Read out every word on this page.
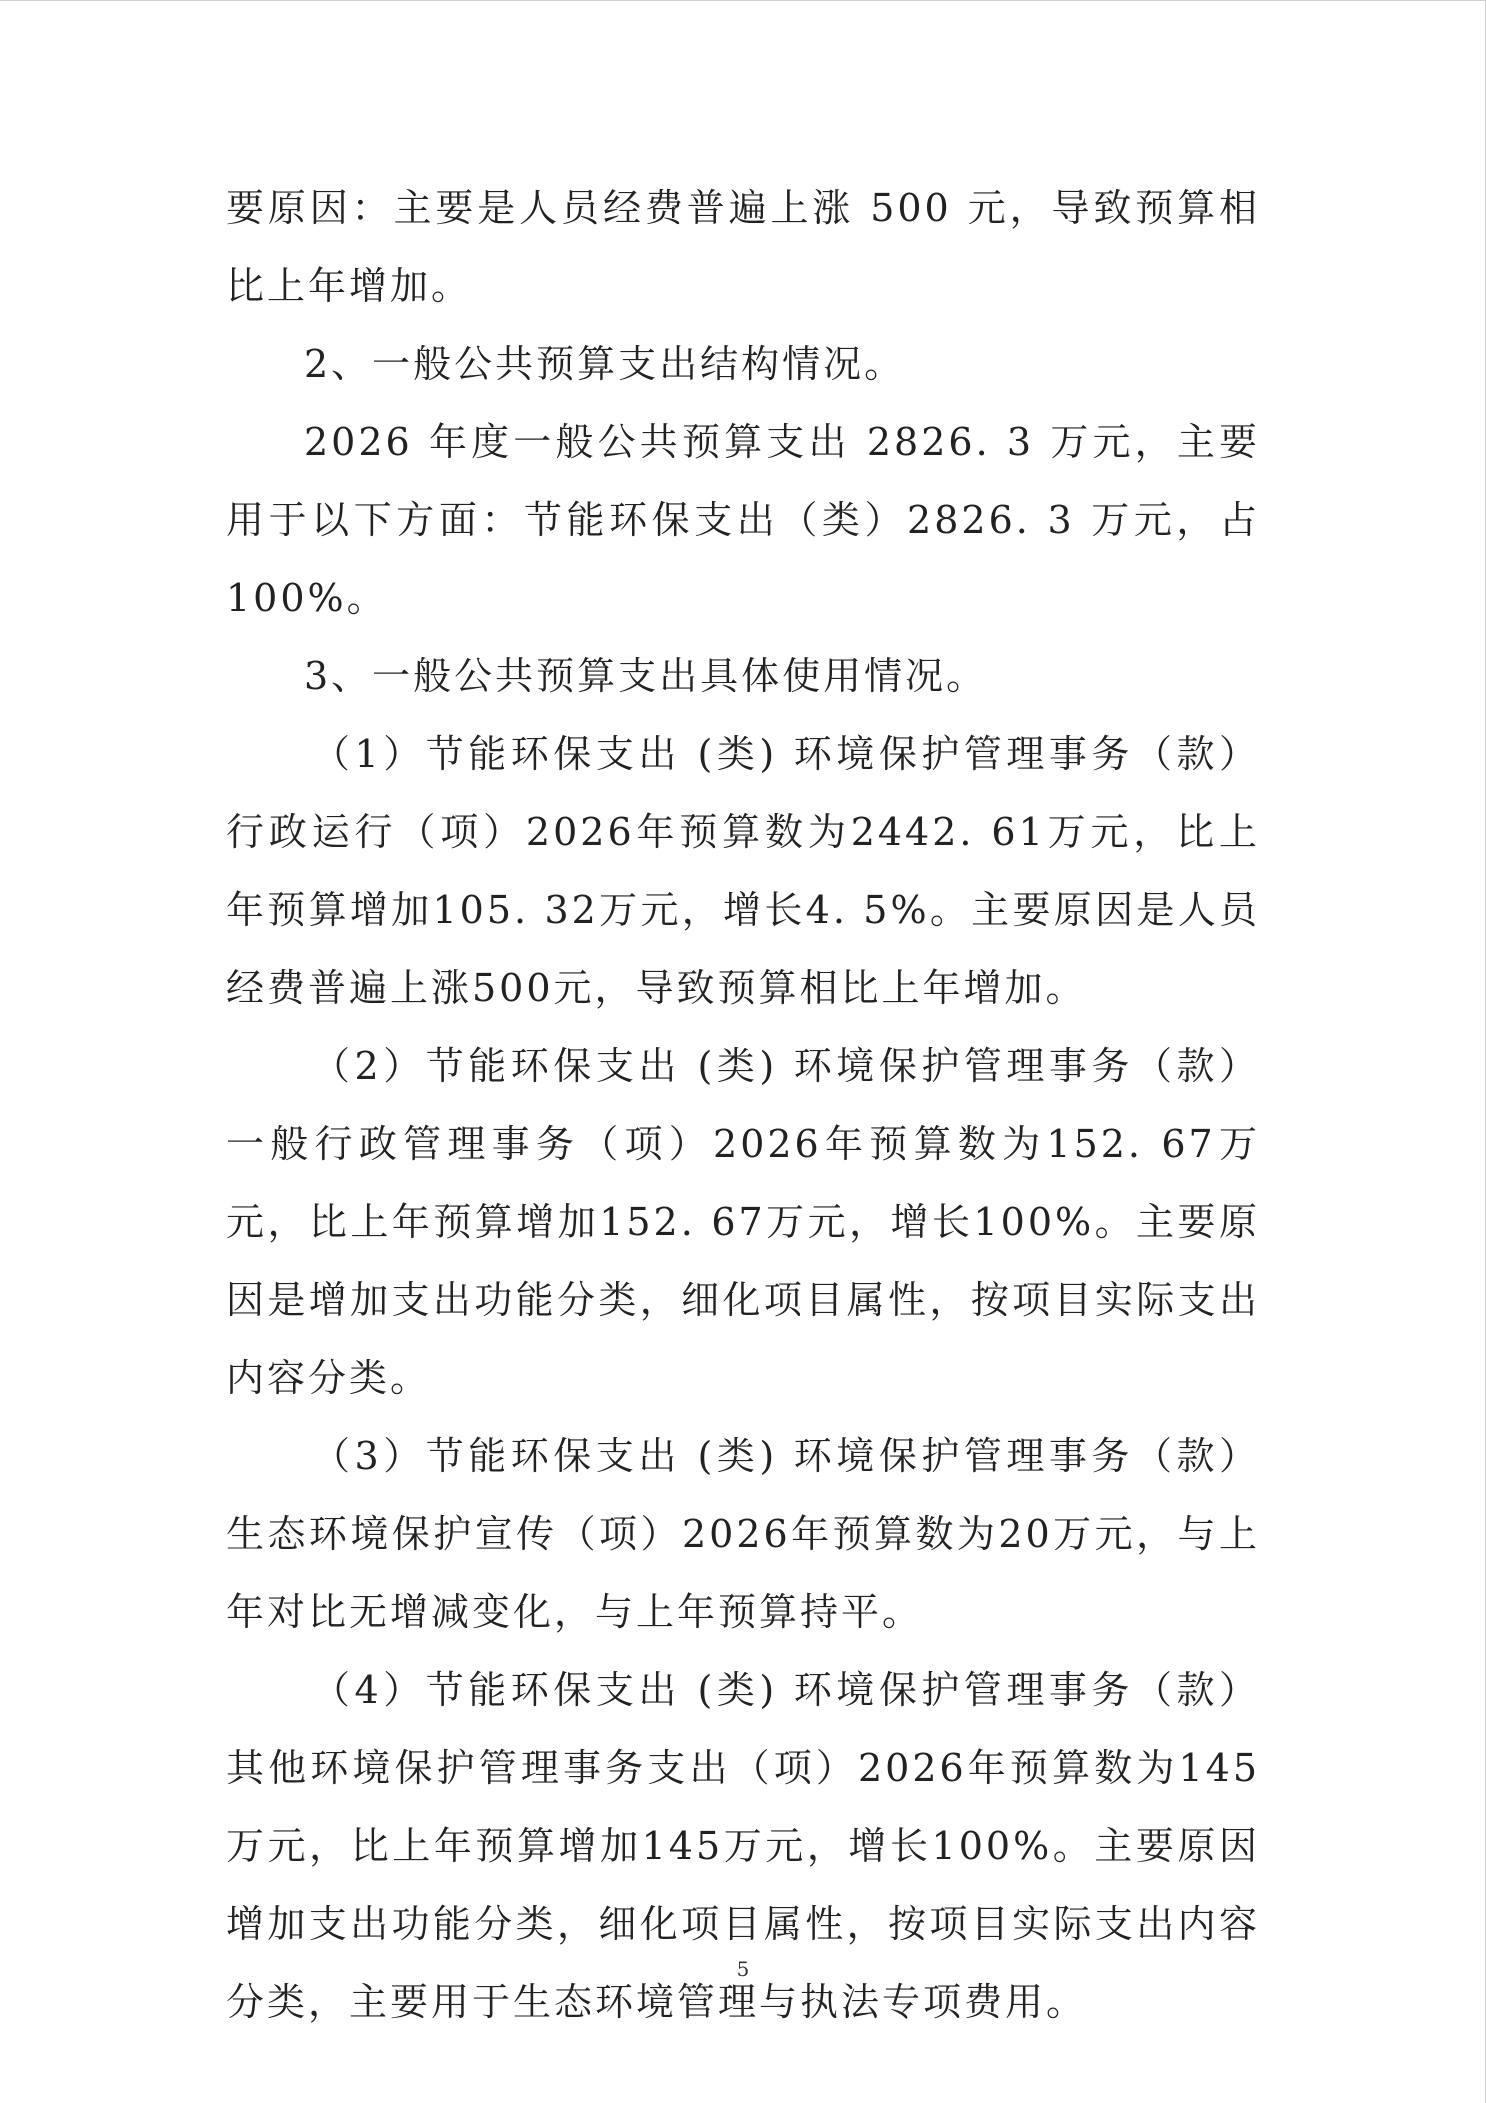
要原因：主要是人员经费普遍上涨 500 元，导致预算相比上年增加。

2、一般公共预算支出结构情况。

2026 年度一般公共预算支出 2826. 3 万元，主要用于以下方面：节能环保支出（类）2826. 3 万元，占 100%。

3、一般公共预算支出具体使用情况。

（1）节能环保支出 (类) 环境保护管理事务（款）行政运行（项）2026年预算数为2442. 61万元，比上年预算增加105. 32万元，增长4. 5%。主要原因是人员经费普遍上涨500元，导致预算相比上年增加。

（2）节能环保支出 (类) 环境保护管理事务（款）一般行政管理事务（项）2026年预算数为152. 67万元，比上年预算增加152. 67万元，增长100%。主要原因是增加支出功能分类，细化项目属性，按项目实际支出内容分类。

（3）节能环保支出 (类) 环境保护管理事务（款）生态环境保护宣传（项）2026年预算数为20万元，与上年对比无增减变化，与上年预算持平。

（4）节能环保支出 (类) 环境保护管理事务（款）其他环境保护管理事务支出（项）2026年预算数为145万元，比上年预算增加145万元，增长100%。主要原因增加支出功能分类，细化项目属性，按项目实际支出内容分类，主要用于生态环境管理与执法专项费用。

5
